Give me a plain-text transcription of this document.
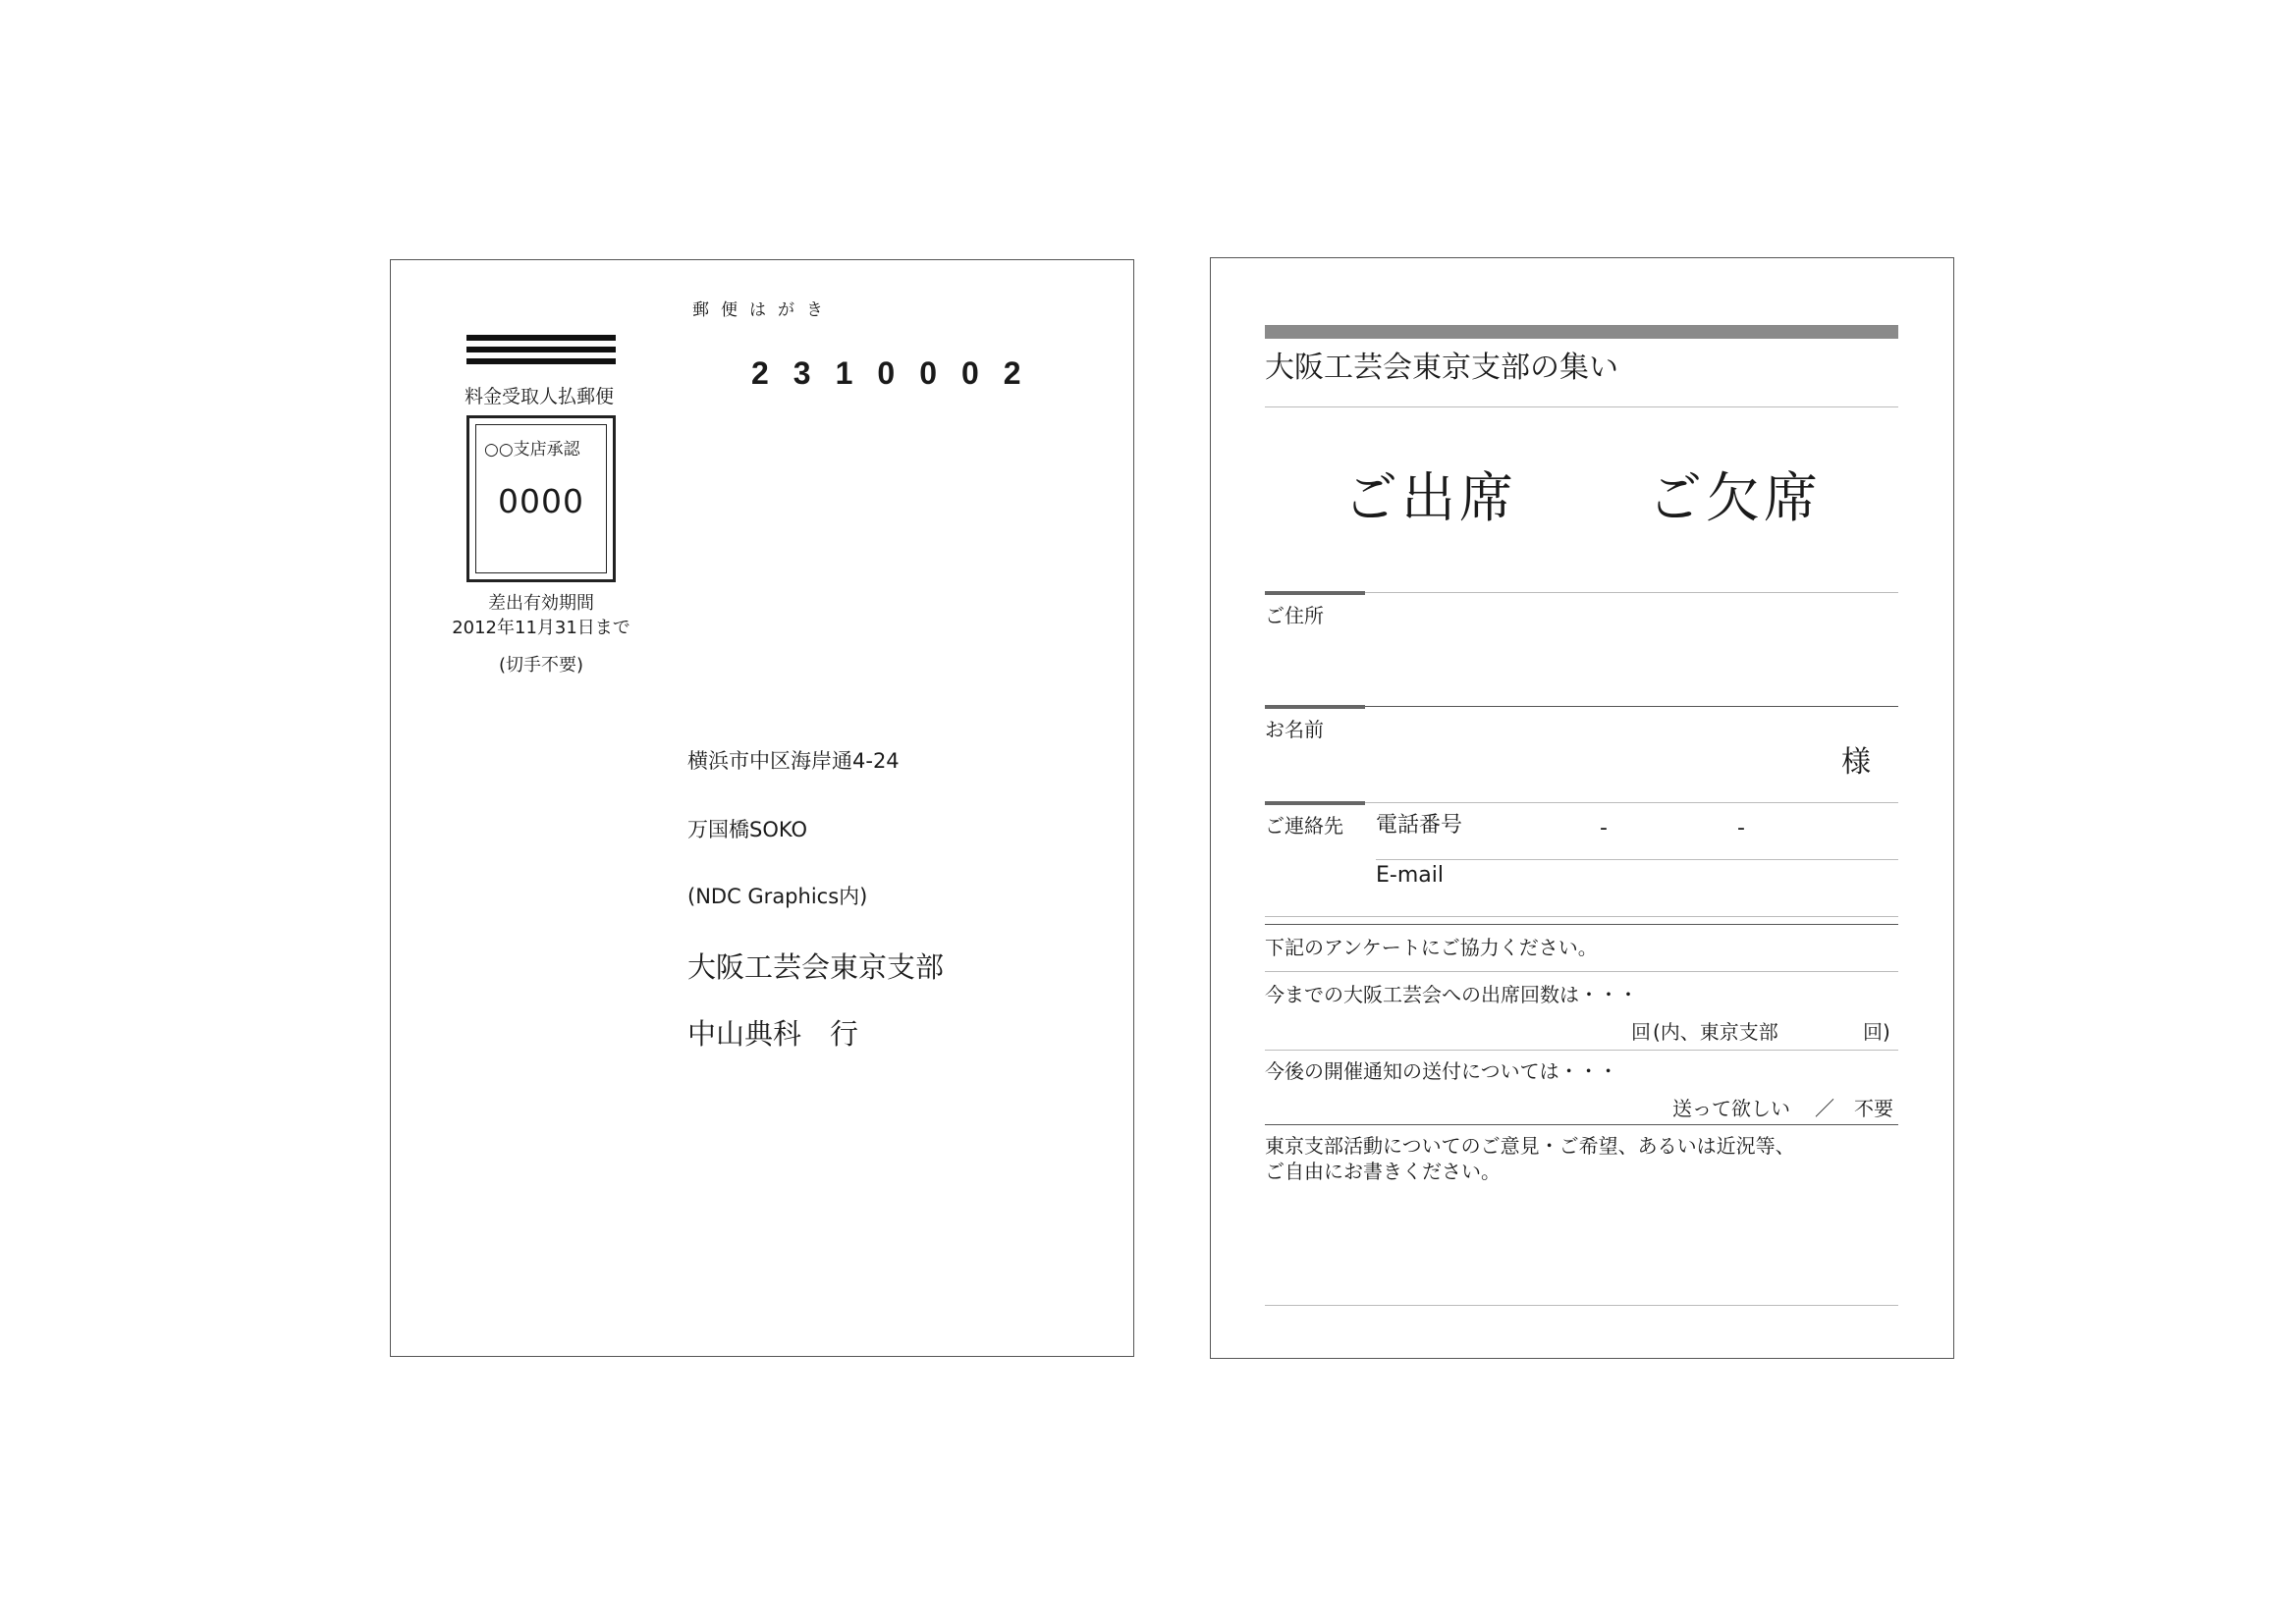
料金受取人払郵便
○○支店承認
0000
差出有効期間
2012年11月31日まで
(切手不要)
郵便はがき
2310002
横浜市中区海岸通4-24
万国橋SOKO
(NDC Graphics内)
大阪工芸会東京支部
中山典科　行
大阪工芸会東京支部の集い
ご出席 ご欠席
ご住所
お名前
様
ご連絡先 電話番号	-	-
E-mail
下記のアンケートにご協力ください。
今までの大阪工芸会への出席回数は・・・
回 (内、東京支部	回)
今後の開催通知の送付については・・・
送って欲しい ／ 不要
東京支部活動についてのご意見・ご希望、あるいは近況等、
ご自由にお書きください。
